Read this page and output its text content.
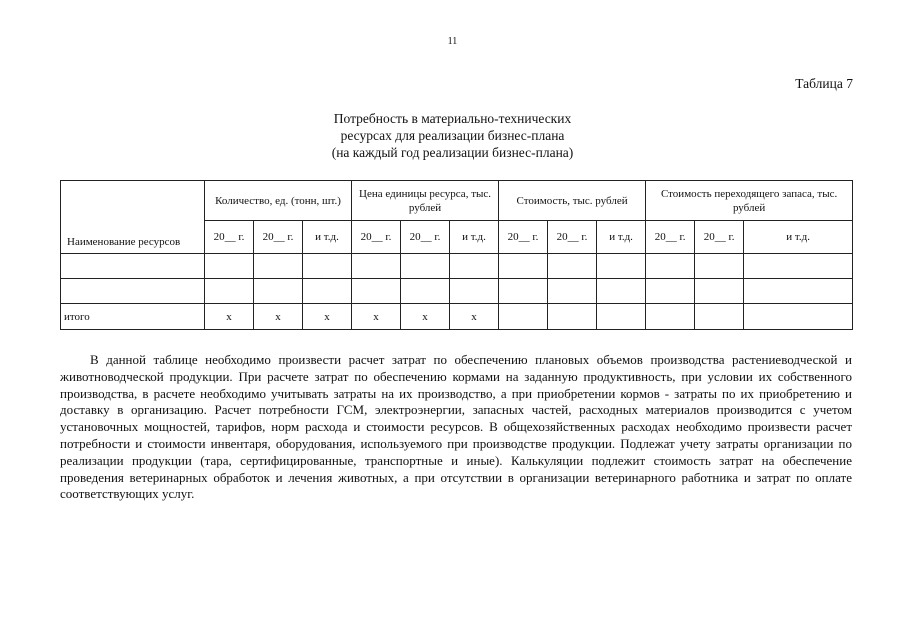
11
Таблица 7
Потребность в материально-технических
ресурсах для реализации бизнес-плана
(на каждый год реализации бизнес-плана)
Наименование ресурсов	Количество, ед. (тонн, шт.)			Цена единицы ресурса, тыс. рублей			Стоимость, тыс. рублей			Стоимость переходящего запаса, тыс. рублей		
	20__ г.	20__ г.	и т.д.	20__ г.	20__ г.	и т.д.	20__ г.	20__ г.	и т.д.	20__ г.	20__ г.	и т.д.

итого	х	х	х	х	х	х						

В данной таблице необходимо произвести расчет затрат по обеспечению плановых объемов производства растениеводческой и животноводческой продукции. При расчете затрат по обеспечению кормами на заданную продуктивность, при условии их собственного производства, в расчете необходимо учитывать затраты на их производство, а при приобретении кормов - затраты по их приобретению и доставку в организацию. Расчет потребности ГСМ, электроэнергии, запасных частей, расходных материалов производится с учетом установочных мощностей, тарифов, норм расхода и стоимости ресурсов. В общехозяйственных расходах необходимо произвести расчет потребности и стоимости инвентаря, оборудования, используемого при производстве продукции. Подлежат учету затраты организации по реализации продукции (тара, сертифицированные, транспортные и иные). Калькуляции подлежит стоимость затрат на обеспечение проведения ветеринарных обработок и лечения животных, а при отсутствии в организации ветеринарного работника и затрат по оплате соответствующих услуг.
